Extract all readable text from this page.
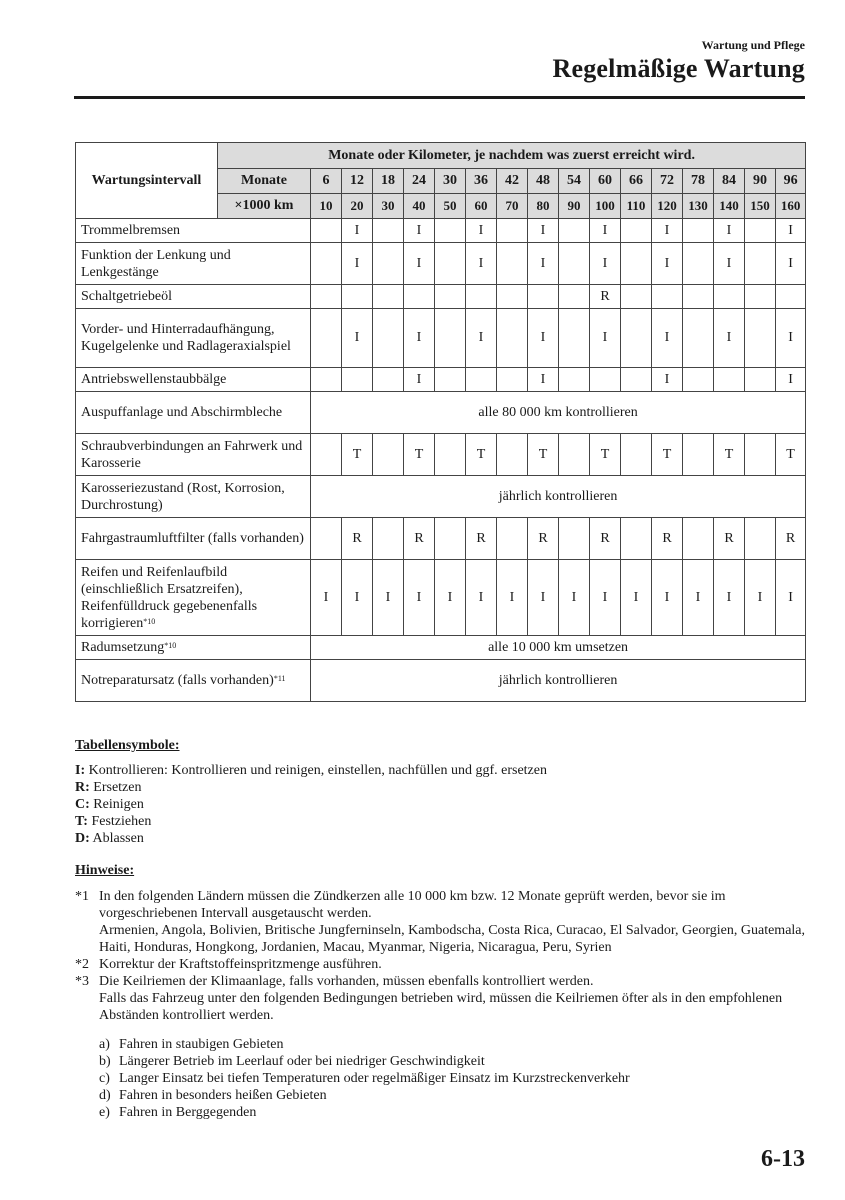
Wartung und Pflege
Regelmäßige Wartung
Wartungsintervall	Monate oder Kilometer, je nachdem was zuerst erreicht wird.																
	Monate	6	12	18	24	30	36	42	48	54	60	66	72	78	84	90	96
	×1000 km	10	20	30	40	50	60	70	80	90	100	110	120	130	140	150	160
Trommelbremsen			I		I		I		I		I		I		I		I
Funktion der Lenkung und Lenkgestänge			I		I		I		I		I		I		I		I
Schaltgetriebeöl											R						
Vorder- und Hinterradaufhängung, Kugelgelenke und Radlageraxialspiel			I		I		I		I		I		I		I		I
Antriebswellenstaubbälge					I				I				I				I
Auspuffanlage und Abschirmbleche		alle 80 000 km kontrollieren															
Schraubverbindungen an Fahrwerk und Karosserie			T		T		T		T		T		T		T		T
Karosseriezustand (Rost, Korrosion, Durchrostung)		jährlich kontrollieren															
Fahrgastraumluftfilter (falls vorhanden)			R		R		R		R		R		R		R		R
Reifen und Reifenlaufbild (einschließlich Ersatzreifen), Reifenfülldruck gegebenenfalls korrigieren$^{*10}$		I	I	I	I	I	I	I	I	I	I	I	I	I	I	I	I
Radumsetzung$^{*10}$		alle 10 000 km umsetzen															
Notreparatursatz (falls vorhanden)$^{*11}$		jährlich kontrollieren															
Tabellensymbole:
I: Kontrollieren: Kontrollieren und reinigen, einstellen, nachfüllen und ggf. ersetzen
R: Ersetzen
C: Reinigen
T: Festziehen
D: Ablassen
Hinweise:
*1 In den folgenden Ländern müssen die Zündkerzen alle 10 000 km bzw. 12 Monate geprüft werden, bevor sie im vorgeschriebenen Intervall ausgetauscht werden.
Armenien, Angola, Bolivien, Britische Jungferninseln, Kambodscha, Costa Rica, Curacao, El Salvador, Georgien, Guatemala, Haiti, Honduras, Hongkong, Jordanien, Macau, Myanmar, Nigeria, Nicaragua, Peru, Syrien
*2 Korrektur der Kraftstoffeinspritzmenge ausführen.
*3 Die Keilriemen der Klimaanlage, falls vorhanden, müssen ebenfalls kontrolliert werden.
Falls das Fahrzeug unter den folgenden Bedingungen betrieben wird, müssen die Keilriemen öfter als in den empfohlenen Abständen kontrolliert werden.
a) Fahren in staubigen Gebieten
b) Längerer Betrieb im Leerlauf oder bei niedriger Geschwindigkeit
c) Langer Einsatz bei tiefen Temperaturen oder regelmäßiger Einsatz im Kurzstreckenverkehr
d) Fahren in besonders heißen Gebieten
e) Fahren in Berggegenden
6-13
